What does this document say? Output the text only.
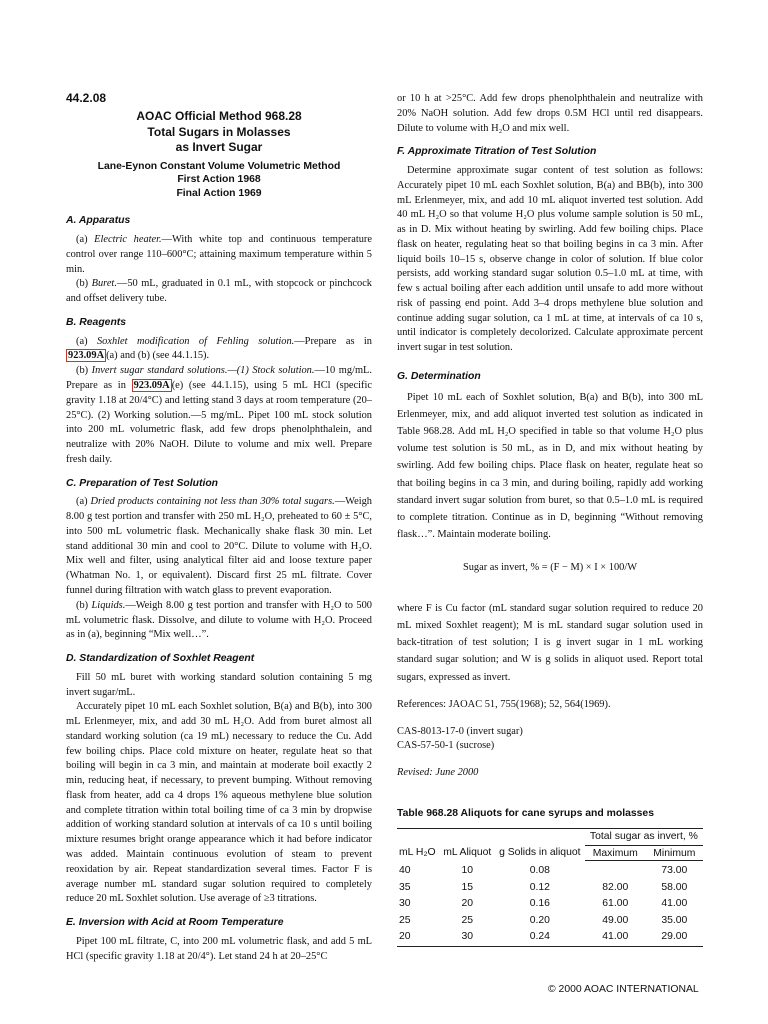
44.2.08
AOAC Official Method 968.28
Total Sugars in Molasses
as Invert Sugar
Lane-Eynon Constant Volume Volumetric Method
First Action 1968
Final Action 1969
A. Apparatus

(a) Electric heater.—With white top and continuous temperature control over range 110–600°C; attaining maximum temperature within 5 min.

(b) Buret.—50 mL, graduated in 0.1 mL, with stopcock or pinchcock and offset delivery tube.

B. Reagents

(a) Soxhlet modification of Fehling solution.—Prepare as in 923.09A (a) and (b) (see 44.1.15).

(b) Invert sugar standard solutions.—(1) Stock solution.—10 mg/mL. Prepare as in 923.09A (e) (see 44.1.15), using 5 mL HCl (specific gravity 1.18 at 20/4°C) and letting stand 3 days at room temperature (20–25°C). (2) Working solution.—5 mg/mL. Pipet 100 mL stock solution into 200 mL volumetric flask, add few drops phenolphthalein, and neutralize with 20% NaOH. Dilute to volume and mix well. Prepare fresh daily.

C. Preparation of Test Solution

(a) Dried products containing not less than 30% total sugars.—Weigh 8.00 g test portion and transfer with 250 mL H₂O, preheated to 60 ± 5°C, into 500 mL volumetric flask. Mechanically shake flask 30 min. Let stand additional 30 min and cool to 20°C. Dilute to volume with H₂O. Mix well and filter, using analytical filter aid and loose texture paper (Whatman No. 1, or equivalent). Discard first 25 mL filtrate. Cover funnel during filtration with watch glass to prevent evaporation.

(b) Liquids.—Weigh 8.00 g test portion and transfer with H₂O to 500 mL volumetric flask. Dissolve, and dilute to volume with H₂O. Proceed as in (a), beginning “Mix well…”.

D. Standardization of Soxhlet Reagent

Fill 50 mL buret with working standard solution containing 5 mg invert sugar/mL.

Accurately pipet 10 mL each Soxhlet solution, B(a) and B(b), into 300 mL Erlenmeyer, mix, and add 30 mL H₂O. Add from buret almost all standard working solution (ca 19 mL) necessary to reduce the Cu. Add few boiling chips. Place cold mixture on heater, regulate heat so that boiling will begin in ca 3 min, and maintain at moderate boil exactly 2 min, reducing heat, if necessary, to prevent bumping. Without removing flask from heater, add ca 4 drops 1% aqueous methylene blue solution and complete titration within total boiling time of ca 3 min by dropwise addition of working standard solution at intervals of ca 10 s until boiling mixture resumes bright orange appearance which it had before indicator was added. Maintain continuous evolution of steam to prevent reoxidation by air. Repeat standardization several times. Factor F is average number mL standard sugar solution required to completely reduce 20 mL Soxhlet solution. Use average of ≥3 titrations.

E. Inversion with Acid at Room Temperature

Pipet 100 mL filtrate, C, into 200 mL volumetric flask, and add 5 mL HCl (specific gravity 1.18 at 20/4°). Let stand 24 h at 20–25°C

or 10 h at >25°C. Add few drops phenolphthalein and neutralize with 20% NaOH solution. Add few drops 0.5M HCl until red disappears. Dilute to volume with H₂O and mix well.

F. Approximate Titration of Test Solution

Determine approximate sugar content of test solution as follows: Accurately pipet 10 mL each Soxhlet solution, B(a) and BB(b), into 300 mL Erlenmeyer, mix, and add 10 mL aliquot inverted test solution. Add 40 mL H₂O so that volume H₂O plus volume sample solution is 50 mL, as in D. Mix without heating by swirling. Add few boiling chips. Place flask on heater, regulating heat so that boiling begins in ca 3 min. After liquid boils 10–15 s, observe change in color of solution. If blue color persists, add working standard sugar solution 0.5–1.0 mL at time, with few s actual boiling after each addition until unsafe to add more without risk of passing end point. Add 3–4 drops methylene blue solution and continue adding sugar solution, ca 1 mL at time, at intervals of ca 10 s, until indicator is completely decolorized. Calculate approximate percent invert sugar in test solution.

G. Determination

Pipet 10 mL each of Soxhlet solution, B(a) and B(b), into 300 mL Erlenmeyer, mix, and add aliquot inverted test solution as indicated in Table 968.28. Add mL H₂O specified in table so that volume H₂O plus volume test solution is 50 mL, as in D, and mix without heating by swirling. Add few boiling chips. Place flask on heater, regulate heat so that boiling begins in ca 3 min, and during boiling, rapidly add working standard invert sugar solution from buret, so that 0.5–1.0 mL is required to complete titration. Continue as in D, beginning “Without removing flask…”. Maintain moderate boiling.

Sugar as invert, % = (F − M) × I × 100/W

where F is Cu factor (mL standard sugar solution required to reduce 20 mL mixed Soxhlet reagent); M is mL standard sugar solution used in back-titration of test solution; I is g invert sugar in 1 mL working standard sugar solution; and W is g solids in aliquot used. Report total sugars, expressed as invert.

References: JAOAC 51, 755(1968); 52, 564(1969).

CAS-8013-17-0 (invert sugar)

CAS-57-50-1 (sucrose)

Revised: June 2000

Table 968.28 Aliquots for cane syrups and molasses
mL H₂O	mL Aliquot	g Solids in aliquot	Total sugar as invert, %	
			Maximum	Minimum
40	10	0.08		73.00
35	15	0.12	82.00	58.00
30	20	0.16	61.00	41.00
25	25	0.20	49.00	35.00
20	30	0.24	41.00	29.00
© 2000 AOAC INTERNATIONAL
